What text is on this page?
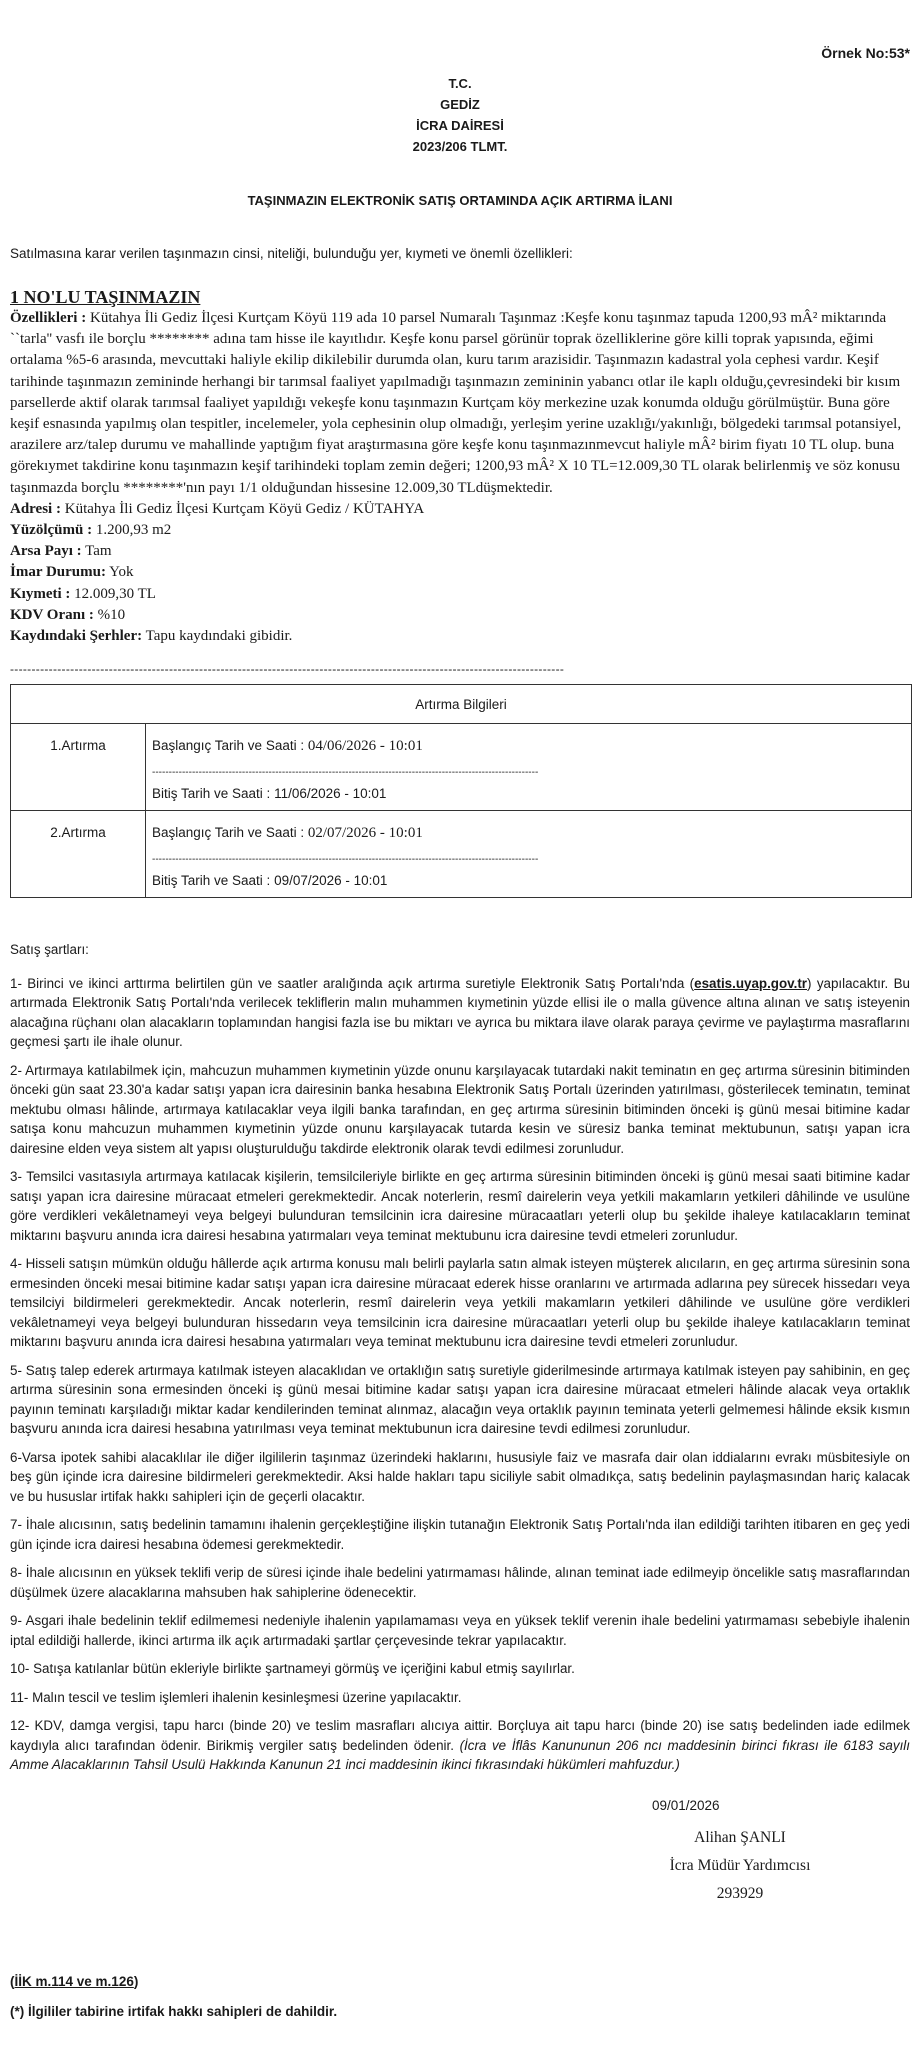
Örnek No:53*
T.C.
GEDİZ
İCRA DAİRESİ
2023/206 TLMT.
TAŞINMAZIN ELEKTRONİK SATIŞ ORTAMINDA AÇIK ARTIRMA İLANI
Satılmasına karar verilen taşınmazın cinsi, niteliği, bulunduğu yer, kıymeti ve önemli özellikleri:
1 NO'LU TAŞINMAZIN
Özellikleri : Kütahya İli Gediz İlçesi Kurtçam Köyü 119 ada 10 parsel Numaralı Taşınmaz :Keşfe konu taşınmaz tapuda 1200,93 mÂ² miktarında ``tarla'' vasfı ile borçlu ******** adına tam hisse ile kayıtlıdır. Keşfe konu parsel görünür toprak özelliklerine göre killi toprak yapısında, eğimi ortalama %5-6 arasında, mevcuttaki haliyle ekilip dikilebilir durumda olan, kuru tarım arazisidir. Taşınmazın kadastral yola cephesi vardır. Keşif tarihinde taşınmazın zemininde herhangi bir tarımsal faaliyet yapılmadığı taşınmazın zemininin yabancı otlar ile kaplı olduğu,çevresindeki bir kısım parsellerde aktif olarak tarımsal faaliyet yapıldığı vekeşfe konu taşınmazın Kurtçam köy merkezine uzak konumda olduğu görülmüştür. Buna göre keşif esnasında yapılmış olan tespitler, incelemeler, yola cephesinin olup olmadığı, yerleşim yerine uzaklığı/yakınlığı, bölgedeki tarımsal potansiyel, arazilere arz/talep durumu ve mahallinde yaptığım fiyat araştırmasına göre keşfe konu taşınmazınmevcut haliyle mÂ² birim fiyatı 10 TL olup. buna görekıymet takdirine konu taşınmazın keşif tarihindeki toplam zemin değeri; 1200,93 mÂ² X 10 TL=12.009,30 TL olarak belirlenmiş ve söz konusu taşınmazda borçlu ********'nın payı 1/1 olduğundan hissesine 12.009,30 TLdüşmektedir.
Adresi : Kütahya İli Gediz İlçesi Kurtçam Köyü Gediz / KÜTAHYA
Yüzölçümü : 1.200,93 m2
Arsa Payı : Tam
İmar Durumu: Yok
Kıymeti : 12.009,30 TL
KDV Oranı : %10
Kaydındaki Şerhler: Tapu kaydındaki gibidir.
---------------------------------------------------------------------------------------------------------------------------------
Artırma Bilgileri	
1.Artırma	Başlangıç Tarih ve Saati : 04/06/2026 - 10:01
--------------------------------------------------------------------------------------------------------------------
Bitiş Tarih ve Saati : 11/06/2026 - 10:01

2.Artırma	Başlangıç Tarih ve Saati : 02/07/2026 - 10:01
--------------------------------------------------------------------------------------------------------------------
Bitiş Tarih ve Saati : 09/07/2026 - 10:01

Satış şartları:

1- Birinci ve ikinci arttırma belirtilen gün ve saatler aralığında açık artırma suretiyle Elektronik Satış Portalı'nda (esatis.uyap.gov.tr) yapılacaktır. Bu artırmada Elektronik Satış Portalı'nda verilecek tekliflerin malın muhammen kıymetinin yüzde ellisi ile o malla güvence altına alınan ve satış isteyenin alacağına rüçhanı olan alacakların toplamından hangisi fazla ise bu miktarı ve ayrıca bu miktara ilave olarak paraya çevirme ve paylaştırma masraflarını geçmesi şartı ile ihale olunur.

2- Artırmaya katılabilmek için, mahcuzun muhammen kıymetinin yüzde onunu karşılayacak tutardaki nakit teminatın en geç artırma süresinin bitiminden önceki gün saat 23.30'a kadar satışı yapan icra dairesinin banka hesabına Elektronik Satış Portalı üzerinden yatırılması, gösterilecek teminatın, teminat mektubu olması hâlinde, artırmaya katılacaklar veya ilgili banka tarafından, en geç artırma süresinin bitiminden önceki iş günü mesai bitimine kadar satışa konu mahcuzun muhammen kıymetinin yüzde onunu karşılayacak tutarda kesin ve süresiz banka teminat mektubunun, satışı yapan icra dairesine elden veya sistem alt yapısı oluşturulduğu takdirde elektronik olarak tevdi edilmesi zorunludur.

3- Temsilci vasıtasıyla artırmaya katılacak kişilerin, temsilcileriyle birlikte en geç artırma süresinin bitiminden önceki iş günü mesai saati bitimine kadar satışı yapan icra dairesine müracaat etmeleri gerekmektedir. Ancak noterlerin, resmî dairelerin veya yetkili makamların yetkileri dâhilinde ve usulüne göre verdikleri vekâletnameyi veya belgeyi bulunduran temsilcinin icra dairesine müracaatları yeterli olup bu şekilde ihaleye katılacakların teminat miktarını başvuru anında icra dairesi hesabına yatırmaları veya teminat mektubunu icra dairesine tevdi etmeleri zorunludur.

4- Hisseli satışın mümkün olduğu hâllerde açık artırma konusu malı belirli paylarla satın almak isteyen müşterek alıcıların, en geç artırma süresinin sona ermesinden önceki mesai bitimine kadar satışı yapan icra dairesine müracaat ederek hisse oranlarını ve artırmada adlarına pey sürecek hissedarı veya temsilciyi bildirmeleri gerekmektedir. Ancak noterlerin, resmî dairelerin veya yetkili makamların yetkileri dâhilinde ve usulüne göre verdikleri vekâletnameyi veya belgeyi bulunduran hissedarın veya temsilcinin icra dairesine müracaatları yeterli olup bu şekilde ihaleye katılacakların teminat miktarını başvuru anında icra dairesi hesabına yatırmaları veya teminat mektubunu icra dairesine tevdi etmeleri zorunludur.

5- Satış talep ederek artırmaya katılmak isteyen alacaklıdan ve ortaklığın satış suretiyle giderilmesinde artırmaya katılmak isteyen pay sahibinin, en geç artırma süresinin sona ermesinden önceki iş günü mesai bitimine kadar satışı yapan icra dairesine müracaat etmeleri hâlinde alacak veya ortaklık payının teminatı karşıladığı miktar kadar kendilerinden teminat alınmaz, alacağın veya ortaklık payının teminata yeterli gelmemesi hâlinde eksik kısmın başvuru anında icra dairesi hesabına yatırılması veya teminat mektubunun icra dairesine tevdi edilmesi zorunludur.

6-Varsa ipotek sahibi alacaklılar ile diğer ilgililerin taşınmaz üzerindeki haklarını, hususiyle faiz ve masrafa dair olan iddialarını evrakı müsbitesiyle on beş gün içinde icra dairesine bildirmeleri gerekmektedir. Aksi halde hakları tapu siciliyle sabit olmadıkça, satış bedelinin paylaşmasından hariç kalacak ve bu hususlar irtifak hakkı sahipleri için de geçerli olacaktır.

7- İhale alıcısının, satış bedelinin tamamını ihalenin gerçekleştiğine ilişkin tutanağın Elektronik Satış Portalı'nda ilan edildiği tarihten itibaren en geç yedi gün içinde icra dairesi hesabına ödemesi gerekmektedir.

8- İhale alıcısının en yüksek teklifi verip de süresi içinde ihale bedelini yatırmaması hâlinde, alınan teminat iade edilmeyip öncelikle satış masraflarından düşülmek üzere alacaklarına mahsuben hak sahiplerine ödenecektir.

9- Asgari ihale bedelinin teklif edilmemesi nedeniyle ihalenin yapılamaması veya en yüksek teklif verenin ihale bedelini yatırmaması sebebiyle ihalenin iptal edildiği hallerde, ikinci artırma ilk açık artırmadaki şartlar çerçevesinde tekrar yapılacaktır.

10- Satışa katılanlar bütün ekleriyle birlikte şartnameyi görmüş ve içeriğini kabul etmiş sayılırlar.

11- Malın tescil ve teslim işlemleri ihalenin kesinleşmesi üzerine yapılacaktır.

12- KDV, damga vergisi, tapu harcı (binde 20) ve teslim masrafları alıcıya aittir. Borçluya ait tapu harcı (binde 20) ise satış bedelinden iade edilmek kaydıyla alıcı tarafından ödenir. Birikmiş vergiler satış bedelinden ödenir. (İcra ve İflâs Kanununun 206 ncı maddesinin birinci fıkrası ile 6183 sayılı Amme Alacaklarının Tahsil Usulü Hakkında Kanunun 21 inci maddesinin ikinci fıkrasındaki hükümleri mahfuzdur.)

09/01/2026
Alihan ŞANLI
İcra Müdür Yardımcısı
293929
(İİK m.114 ve m.126)
(*) İlgililer tabirine irtifak hakkı sahipleri de dahildir.
